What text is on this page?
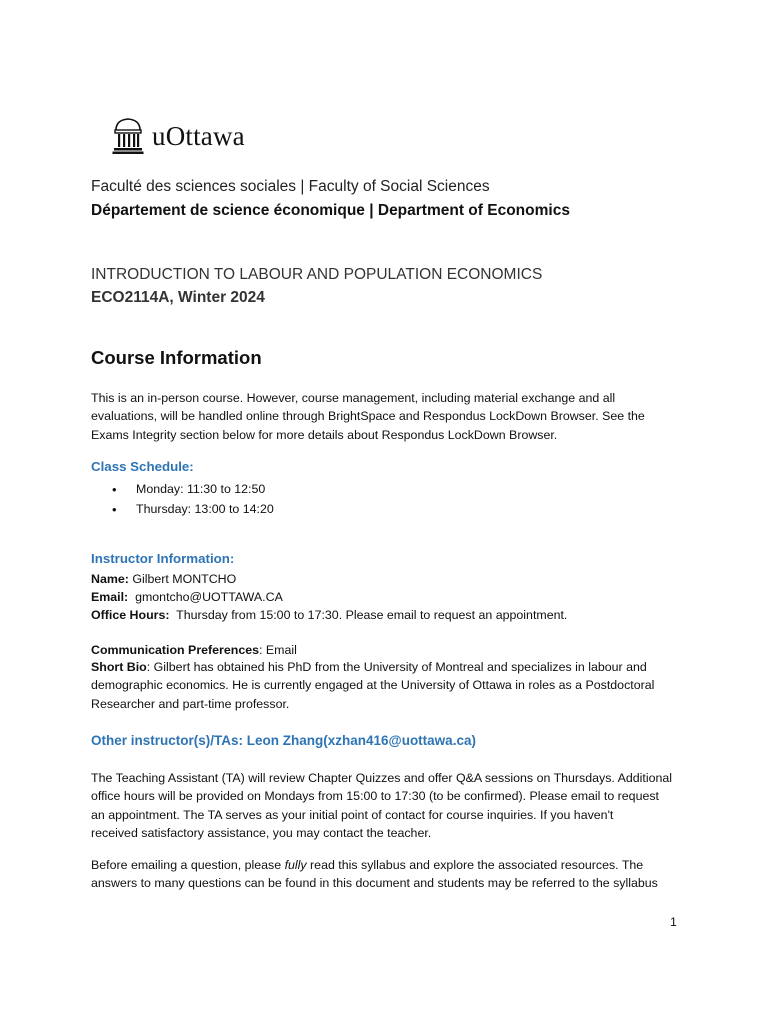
uOttawa
Faculté des sciences sociales | Faculty of Social Sciences
Département de science économique | Department of Economics
INTRODUCTION TO LABOUR AND POPULATION ECONOMICS
ECO2114A, Winter 2024
Course Information
This is an in-person course. However, course management, including material exchange and all
evaluations, will be handled online through BrightSpace and Respondus LockDown Browser. See the
Exams Integrity section below for more details about Respondus LockDown Browser.
Class Schedule:
• Monday: 11:30 to 12:50
• Thursday: 13:00 to 14:20
Instructor Information:
Name: Gilbert MONTCHO
Email:  gmontcho@UOTTAWA.CA
Office Hours:  Thursday from 15:00 to 17:30. Please email to request an appointment.
Communication Preferences: Email
Short Bio: Gilbert has obtained his PhD from the University of Montreal and specializes in labour and
demographic economics. He is currently engaged at the University of Ottawa in roles as a Postdoctoral
Researcher and part-time professor.
Other instructor(s)/TAs: Leon Zhang(xzhan416@uottawa.ca)
The Teaching Assistant (TA) will review Chapter Quizzes and offer Q&A sessions on Thursdays. Additional
office hours will be provided on Mondays from 15:00 to 17:30 (to be confirmed). Please email to request
an appointment. The TA serves as your initial point of contact for course inquiries. If you haven't
received satisfactory assistance, you may contact the teacher.
Before emailing a question, please fully read this syllabus and explore the associated resources. The
answers to many questions can be found in this document and students may be referred to the syllabus
1
